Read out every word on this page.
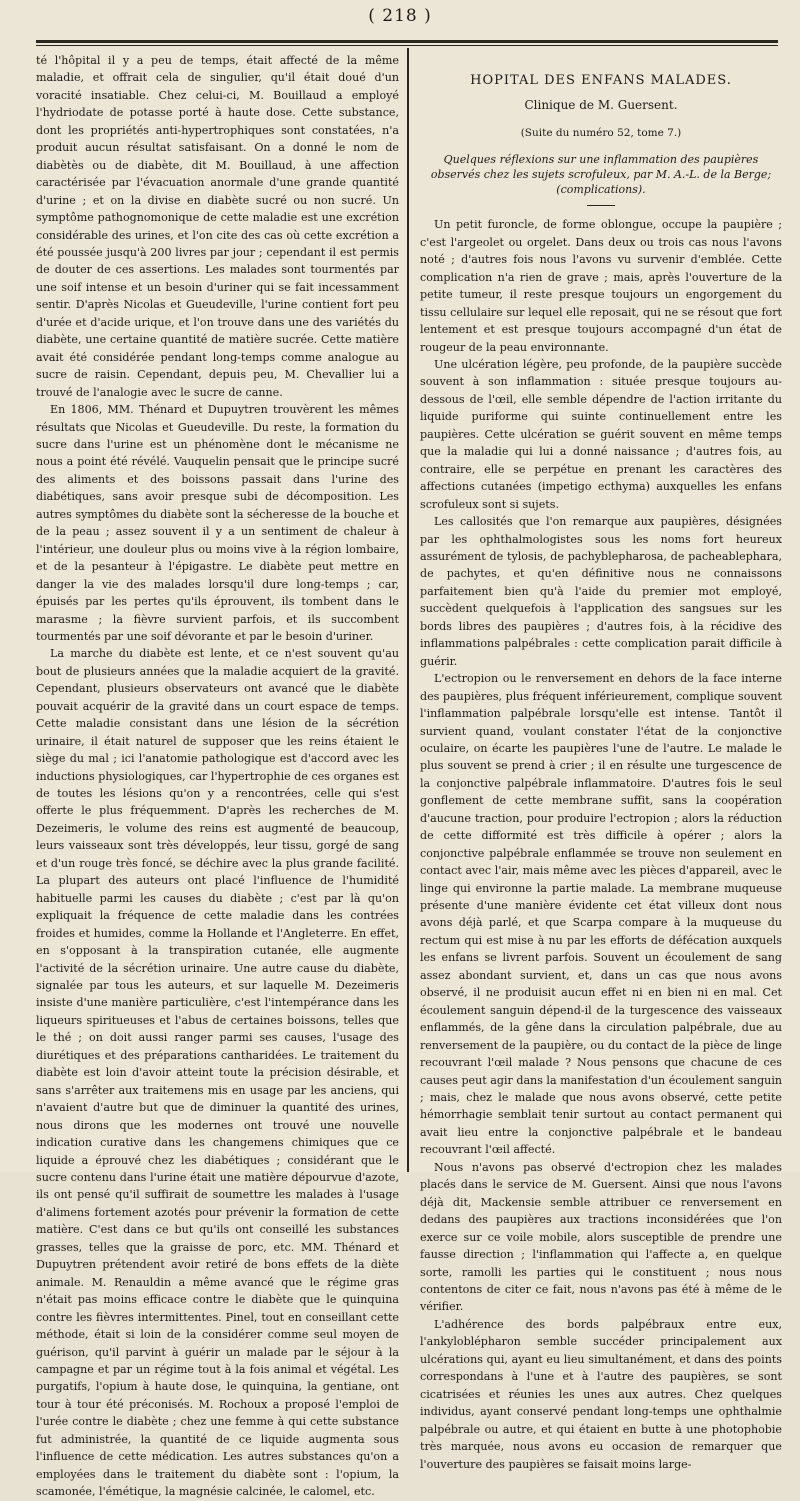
( 218 )

té l'hôpital il y a peu de temps, était affecté de la même maladie, et offrait cela de singulier, qu'il était doué d'un voracité insatiable. Chez celui-ci, M. Bouillaud a employé l'hydriodate de potasse porté à haute dose. Cette substance, dont les propriétés anti-hypertrophiques sont constatées, n'a produit aucun résultat satisfaisant. On a donné le nom de diabètès ou de diabète, dit M. Bouillaud, à une affection caractérisée par l'évacuation anormale d'une grande quantité d'urine ; et on la divise en diabète sucré ou non sucré. Un symptôme pathognomonique de cette maladie est une excrétion considérable des urines, et l'on cite des cas où cette excrétion a été poussée jusqu'à 200 livres par jour ; cependant il est permis de douter de ces assertions. Les malades sont tourmentés par une soif intense et un besoin d'uriner qui se fait incessamment sentir. D'après Nicolas et Gueudeville, l'urine contient fort peu d'urée et d'acide urique, et l'on trouve dans une des variétés du diabète, une certaine quantité de matière sucrée. Cette matière avait été considérée pendant long-temps comme analogue au sucre de raisin. Cependant, depuis peu, M. Chevallier lui a trouvé de l'analogie avec le sucre de canne.

En 1806, MM. Thénard et Dupuytren trouvèrent les mêmes résultats que Nicolas et Gueudeville. Du reste, la formation du sucre dans l'urine est un phénomène dont le mécanisme ne nous a point été révélé. Vauquelin pensait que le principe sucré des aliments et des boissons passait dans l'urine des diabétiques, sans avoir presque subi de décomposition. Les autres symptômes du diabète sont la sécheresse de la bouche et de la peau ; assez souvent il y a un sentiment de chaleur à l'intérieur, une douleur plus ou moins vive à la région lombaire, et de la pesanteur à l'épigastre. Le diabète peut mettre en danger la vie des malades lorsqu'il dure long-temps ; car, épuisés par les pertes qu'ils éprouvent, ils tombent dans le marasme ; la fièvre survient parfois, et ils succombent tourmentés par une soif dévorante et par le besoin d'uriner.

La marche du diabète est lente, et ce n'est souvent qu'au bout de plusieurs années que la maladie acquiert de la gravité. Cependant, plusieurs observateurs ont avancé que le diabète pouvait acquérir de la gravité dans un court espace de temps. Cette maladie consistant dans une lésion de la sécrétion urinaire, il était naturel de supposer que les reins étaient le siège du mal ; ici l'anatomie pathologique est d'accord avec les inductions physiologiques, car l'hypertrophie de ces organes est de toutes les lésions qu'on y a rencontrées, celle qui s'est offerte le plus fréquemment. D'après les recherches de M. Dezeimeris, le volume des reins est augmenté de beaucoup, leurs vaisseaux sont très développés, leur tissu, gorgé de sang et d'un rouge très foncé, se déchire avec la plus grande facilité. La plupart des auteurs ont placé l'influence de l'humidité habituelle parmi les causes du diabète ; c'est par là qu'on expliquait la fréquence de cette maladie dans les contrées froides et humides, comme la Hollande et l'Angleterre. En effet, en s'opposant à la transpiration cutanée, elle augmente l'activité de la sécrétion urinaire. Une autre cause du diabète, signalée par tous les auteurs, et sur laquelle M. Dezeimeris insiste d'une manière particulière, c'est l'intempérance dans les liqueurs spiritueuses et l'abus de certaines boissons, telles que le thé ; on doit aussi ranger parmi ses causes, l'usage des diurétiques et des préparations cantharidées. Le traitement du diabète est loin d'avoir atteint toute la précision désirable, et sans s'arrêter aux traitemens mis en usage par les anciens, qui n'avaient d'autre but que de diminuer la quantité des urines, nous dirons que les modernes ont trouvé une nouvelle indication curative dans les changemens chimiques que ce liquide a éprouvé chez les diabétiques ; considérant que le sucre contenu dans l'urine était une matière dépourvue d'azote, ils ont pensé qu'il suffirait de soumettre les malades à l'usage d'alimens fortement azotés pour prévenir la formation de cette matière. C'est dans ce but qu'ils ont conseillé les substances grasses, telles que la graisse de porc, etc. MM. Thénard et Dupuytren prétendent avoir retiré de bons effets de la diète animale. M. Renauldin a même avancé que le régime gras n'était pas moins efficace contre le diabète que le quinquina contre les fièvres intermittentes. Pinel, tout en conseillant cette méthode, était si loin de la considérer comme seul moyen de guérison, qu'il parvint à guérir un malade par le séjour à la campagne et par un régime tout à la fois animal et végétal. Les purgatifs, l'opium à haute dose, le quinquina, la gentiane, ont tour à tour été préconisés. M. Rochoux a proposé l'emploi de l'urée contre le diabète ; chez une femme à qui cette substance fut administrée, la quantité de ce liquide augmenta sous l'influence de cette médication. Les autres substances qu'on a employées dans le traitement du diabète sont : l'opium, la scamonée, l'émétique, la magnésie calcinée, le calomel, etc.

HOPITAL DES ENFANS MALADES.
Clinique de M. Guersent.
(Suite du numéro 52, tome 7.)
Quelques réflexions sur une inflammation des paupières observés chez les sujets scrofuleux, par M. A.-L. de la Berge; (complications).

Un petit furoncle, de forme oblongue, occupe la paupière ; c'est l'argeolet ou orgelet. Dans deux ou trois cas nous l'avons noté ; d'autres fois nous l'avons vu survenir d'emblée. Cette complication n'a rien de grave ; mais, après l'ouverture de la petite tumeur, il reste presque toujours un engorgement du tissu cellulaire sur lequel elle reposait, qui ne se résout que fort lentement et est presque toujours accompagné d'un état de rougeur de la peau environnante.

Une ulcération légère, peu profonde, de la paupière succède souvent à son inflammation : située presque toujours au-dessous de l'œil, elle semble dépendre de l'action irritante du liquide puriforme qui suinte continuellement entre les paupières. Cette ulcération se guérit souvent en même temps que la maladie qui lui a donné naissance ; d'autres fois, au contraire, elle se perpétue en prenant les caractères des affections cutanées (impetigo ecthyma) auxquelles les enfans scrofuleux sont si sujets.

Les callosités que l'on remarque aux paupières, désignées par les ophthalmologistes sous les noms fort heureux assurément de tylosis, de pachyblepharosa, de pacheablephara, de pachytes, et qu'en définitive nous ne connaissons parfaitement bien qu'à l'aide du premier mot employé, succèdent quelquefois à l'application des sangsues sur les bords libres des paupières ; d'autres fois, à la récidive des inflammations palpébrales : cette complication parait difficile à guérir.

L'ectropion ou le renversement en dehors de la face interne des paupières, plus fréquent inférieurement, complique souvent l'inflammation palpébrale lorsqu'elle est intense. Tantôt il survient quand, voulant constater l'état de la conjonctive oculaire, on écarte les paupières l'une de l'autre. Le malade le plus souvent se prend à crier ; il en résulte une turgescence de la conjonctive palpébrale inflammatoire. D'autres fois le seul gonflement de cette membrane suffit, sans la coopération d'aucune traction, pour produire l'ectropion ; alors la réduction de cette difformité est très difficile à opérer ; alors la conjonctive palpébrale enflammée se trouve non seulement en contact avec l'air, mais même avec les pièces d'appareil, avec le linge qui environne la partie malade. La membrane muqueuse présente d'une manière évidente cet état villeux dont nous avons déjà parlé, et que Scarpa compare à la muqueuse du rectum qui est mise à nu par les efforts de défécation auxquels les enfans se livrent parfois. Souvent un écoulement de sang assez abondant survient, et, dans un cas que nous avons observé, il ne produisit aucun effet ni en bien ni en mal. Cet écoulement sanguin dépend-il de la turgescence des vaisseaux enflammés, de la gêne dans la circulation palpébrale, due au renversement de la paupière, ou du contact de la pièce de linge recouvrant l'œil malade ? Nous pensons que chacune de ces causes peut agir dans la manifestation d'un écoulement sanguin ; mais, chez le malade que nous avons observé, cette petite hémorrhagie semblait tenir surtout au contact permanent qui avait lieu entre la conjonctive palpébrale et le bandeau recouvrant l'œil affecté.

Nous n'avons pas observé d'ectropion chez les malades placés dans le service de M. Guersent. Ainsi que nous l'avons déjà dit, Mackensie semble attribuer ce renversement en dedans des paupières aux tractions inconsidérées que l'on exerce sur ce voile mobile, alors susceptible de prendre une fausse direction ; l'inflammation qui l'affecte a, en quelque sorte, ramolli les parties qui le constituent ; nous nous contentons de citer ce fait, nous n'avons pas été à même de le vérifier.

L'adhérence des bords palpébraux entre eux, l'ankyloblépharon semble succéder principalement aux ulcérations qui, ayant eu lieu simultanément, et dans des points correspondans à l'une et à l'autre des paupières, se sont cicatrisées et réunies les unes aux autres. Chez quelques individus, ayant conservé pendant long-temps une ophthalmie palpébrale ou autre, et qui étaient en butte à une photophobie très marquée, nous avons eu occasion de remarquer que l'ouverture des paupières se faisait moins large-
